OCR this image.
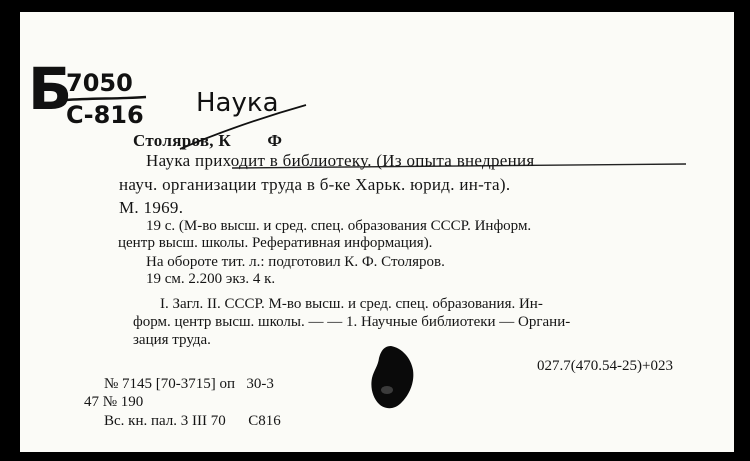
Б
7050
С-816 Наука
Столяров, К        Ф
Наука приходит в библиотеку. (Из опыта внедрения
науч. организации труда в б-ке Харьк. юрид. ин-та).
М. 1969.
19 с. (М-во высш. и сред. спец. образования СССР. Информ.
центр высш. школы. Реферативная информация).
На обороте тит. л.: подготовил К. Ф. Столяров.
19 см. 2.200 экз. 4 к.
I. Загл. II. СССР. М-во высш. и сред. спец. образования. Ин-
форм. центр высш. школы. — — 1. Научные библиотеки — Органи-
зация труда.
027.7(470.54-25)+023
№ 7145 [70-3715] оп   30-3
47 № 190
Вс. кн. пал. 3 III 70      С816
